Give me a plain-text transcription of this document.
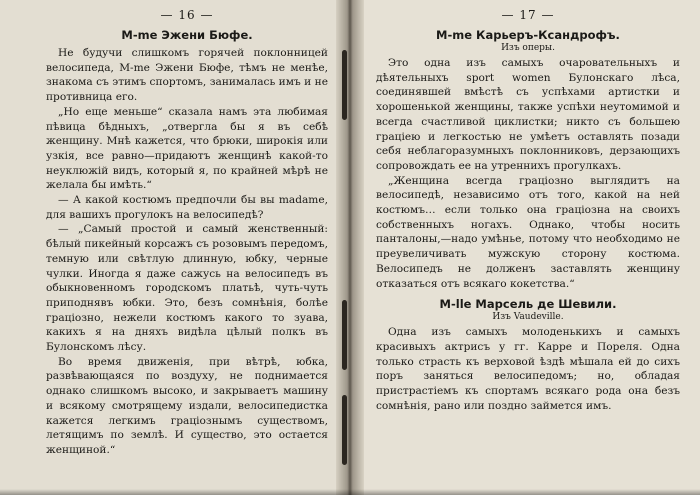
— 16 —
М-me Эжени Бюфе.

Не будучи слишкомъ горячей поклонницей велосипеда, М-me Эжени Бюфе, тѣмъ не менѣе, знакома съ этимъ спортомъ, занималась имъ и не противница его.

„Но еще меньше“ сказала намъ эта любимая пѣвица бѣдныхъ, „отвергла бы я въ себѣ женщину. Мнѣ кажется, что брюки, широкія или узкія, все равно—придаютъ женщинѣ какой-то неуклюжій видъ, который я, по крайней мѣрѣ не желала бы имѣть.“

— А какой костюмъ предпочли бы вы madame, для вашихъ прогулокъ на велосипедѣ?

— „Самый простой и самый женственный: бѣлый пикейный корсажъ съ розовымъ передомъ, темную или свѣтлую длинную, юбку, черные чулки. Иногда я даже сажусь на велосипедъ въ обыкновенномъ городскомъ платьѣ, чуть-чуть приподнявъ юбки. Это, безъ сомнѣнія, болѣе граціозно, нежели костюмъ какого то зуава, какихъ я на дняхъ видѣла цѣлый полкъ въ Булонскомъ лѣсу.

Во время движенія, при вѣтрѣ, юбка, развѣвающаяся по воздуху, не поднимается однако слишкомъ высоко, и закрываетъ машину и всякому смотрящему издали, велосипедистка кажется легкимъ граціознымъ существомъ, летящимъ по землѣ. И существо, это остается женщиной.“

— 17 —
М-me Карьеръ-Ксандрофъ.
Изъ оперы.

Это одна изъ самыхъ очаровательныхъ и дѣятельныхъ sport women Булонскаго лѣса, соединявшей вмѣстѣ съ успѣхами артистки и хорошенькой женщины, также успѣхи неутомимой и всегда счастливой циклистки; никто съ большею граціею и легкостью не умѣетъ оставлять позади себя неблагоразумныхъ поклонниковъ, дерзающихъ сопровождать ее на утреннихъ прогулкахъ.

„Женщина всегда граціозно выглядитъ на велосипедѣ, независимо отъ того, какой на ней костюмъ… если только она граціозна на своихъ собственныхъ ногахъ. Однако, чтобы носить панталоны,—надо умѣнье, потому что необходимо не преувеличивать мужскую сторону костюма. Велосипедъ не долженъ заставлять женщину отказаться отъ всякаго кокетства.“

М-lle Марсель де Шевили.
Изъ Vaudeville.

Одна изъ самыхъ молоденькихъ и самыхъ красивыхъ актрисъ у гг. Карре и Пореля. Одна только страсть къ верховой ѣздѣ мѣшала ей до сихъ поръ заняться велосипедомъ; но, обладая пристрастіемъ къ спортамъ всякаго рода она безъ сомнѣнія, рано или поздно займется имъ.
